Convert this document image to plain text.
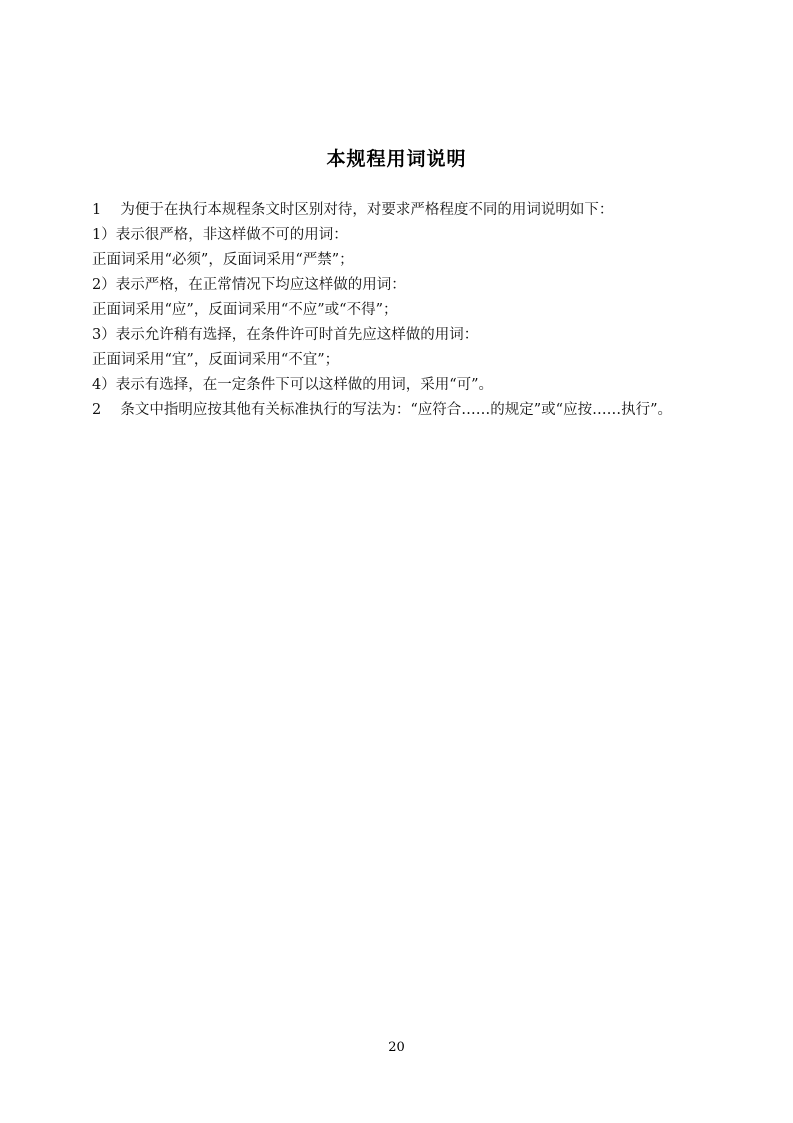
本规程用词说明
1　 为便于在执行本规程条文时区别对待，对要求严格程度不同的用词说明如下：
1）表示很严格，非这样做不可的用词：
正面词采用“必须”，反面词采用“严禁”；
2）表示严格，在正常情况下均应这样做的用词：
正面词采用“应”，反面词采用“不应”或“不得”；
3）表示允许稍有选择，在条件许可时首先应这样做的用词：
正面词采用“宜”，反面词采用“不宜”；
4）表示有选择，在一定条件下可以这样做的用词，采用“可”。
2　 条文中指明应按其他有关标准执行的写法为：“应符合……的规定”或“应按……执行”。
20
